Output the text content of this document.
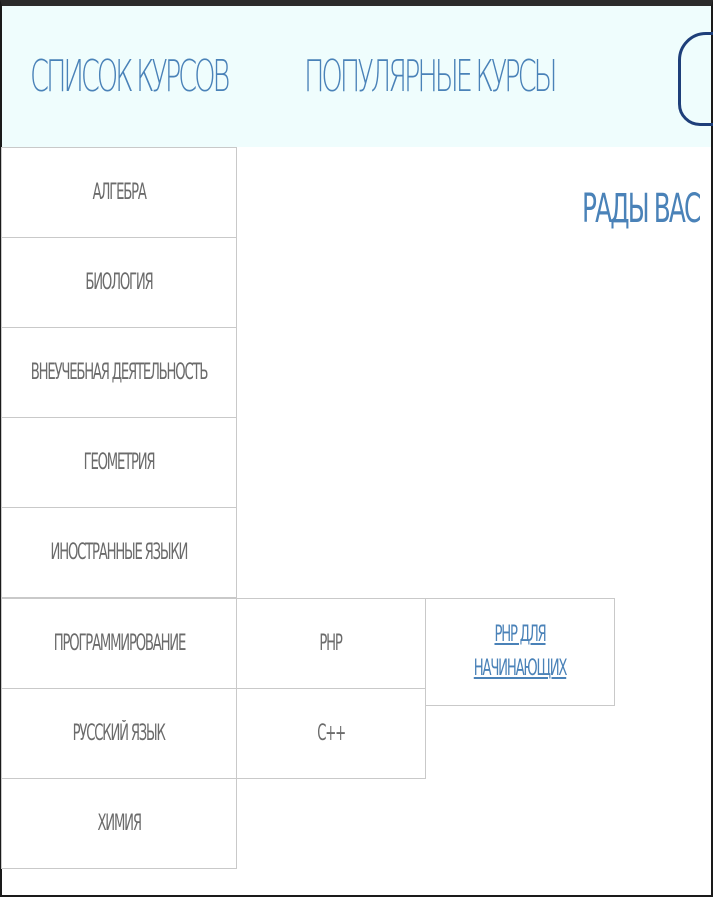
СПИСОК КУРСОВ ПОПУЛЯРНЫЕ КУРСЫ
РАДЫ ВАС
АЛГЕБРА
БИОЛОГИЯ
ВНЕУЧЕБНАЯ ДЕЯТЕЛЬНОСТЬ
ГЕОМЕТРИЯ
ИНОСТРАННЫЕ ЯЗЫКИ
ПРОГРАММИРОВАНИЕ
РУССКИЙ ЯЗЫК
ХИМИЯ
PHP
C++
PHP ДЛЯ НАЧИНАЮЩИХ
